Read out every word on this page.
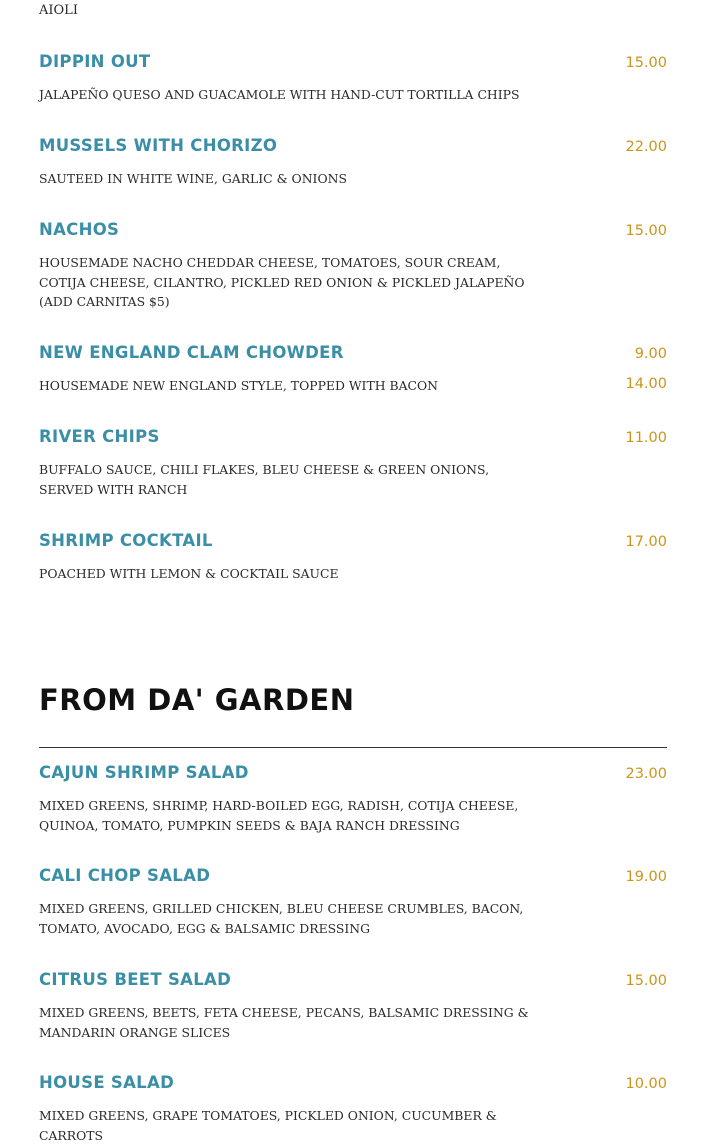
AIOLI
DIPPIN OUT
JALAPEÑO QUESO AND GUACAMOLE WITH HAND-CUT TORTILLA CHIPS
15.00
MUSSELS WITH CHORIZO
SAUTEED IN WHITE WINE, GARLIC & ONIONS
22.00
NACHOS
HOUSEMADE NACHO CHEDDAR CHEESE, TOMATOES, SOUR CREAM, COTIJA CHEESE, CILANTRO, PICKLED RED ONION & PICKLED JALAPEÑO (ADD CARNITAS $5)
15.00
NEW ENGLAND CLAM CHOWDER
HOUSEMADE NEW ENGLAND STYLE, TOPPED WITH BACON
9.00
14.00
RIVER CHIPS
BUFFALO SAUCE, CHILI FLAKES, BLEU CHEESE & GREEN ONIONS, SERVED WITH RANCH
11.00
SHRIMP COCKTAIL
POACHED WITH LEMON & COCKTAIL SAUCE
17.00
FROM DA' GARDEN
CAJUN SHRIMP SALAD
MIXED GREENS, SHRIMP, HARD-BOILED EGG, RADISH, COTIJA CHEESE, QUINOA, TOMATO, PUMPKIN SEEDS & BAJA RANCH DRESSING
23.00
CALI CHOP SALAD
MIXED GREENS, GRILLED CHICKEN, BLEU CHEESE CRUMBLES, BACON, TOMATO, AVOCADO, EGG & BALSAMIC DRESSING
19.00
CITRUS BEET SALAD
MIXED GREENS, BEETS, FETA CHEESE, PECANS, BALSAMIC DRESSING & MANDARIN ORANGE SLICES
15.00
HOUSE SALAD
MIXED GREENS, GRAPE TOMATOES, PICKLED ONION, CUCUMBER & CARROTS
10.00
